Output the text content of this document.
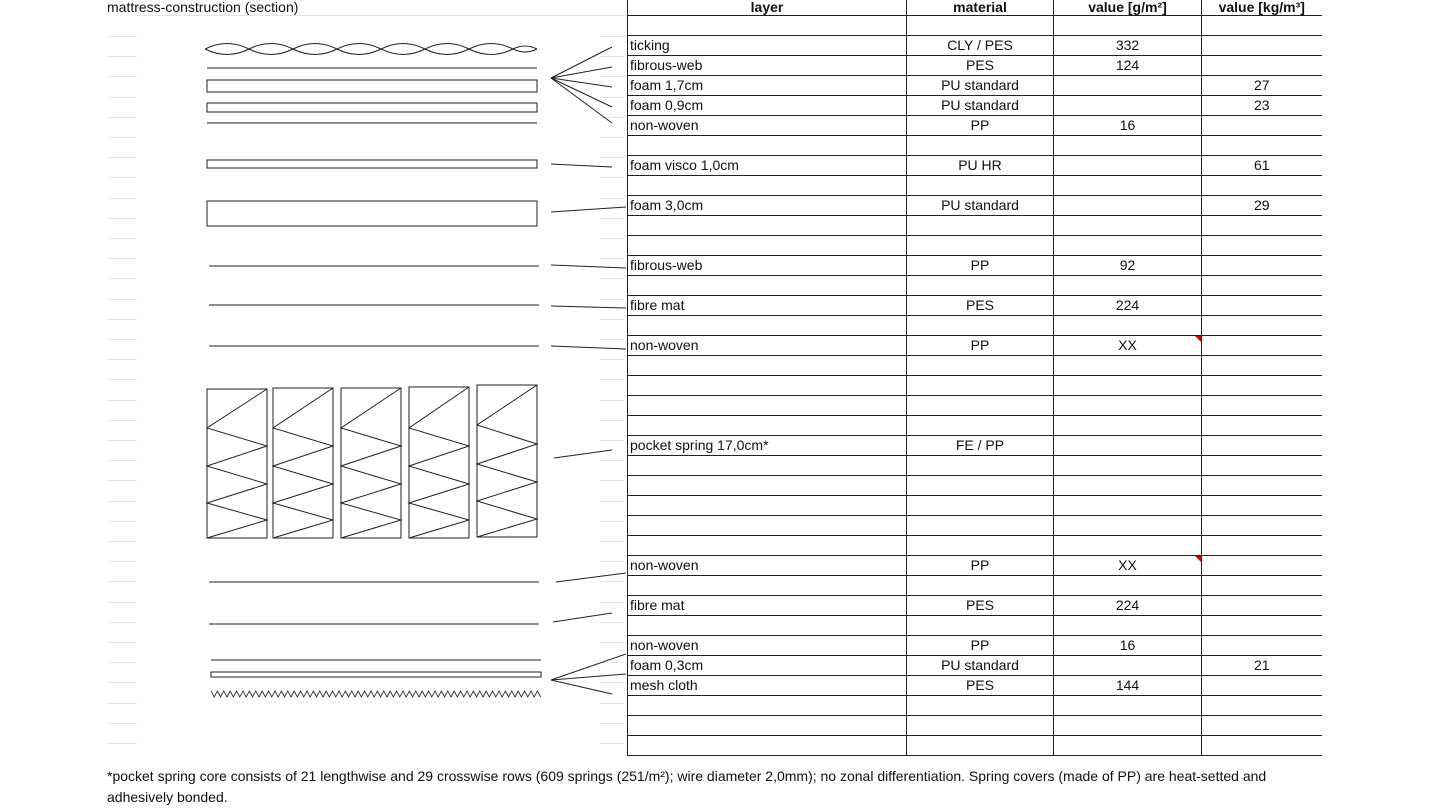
mattress-construction (section)	layer	material	value [g/m²]	value [kg/m³]

ticking	CLY / PES	332	
fibrous-web	PES	124	
foam 1,7cm	PU standard		27
foam 0,9cm	PU standard		23
non-woven	PP	16	

foam visco 1,0cm	PU HR		61

foam 3,0cm	PU standard		29

fibrous-web	PP	92	

fibre mat	PES	224	

non-woven	PP	XX	

pocket spring 17,0cm*	FE / PP		

non-woven	PP	XX	

fibre mat	PES	224	

non-woven	PP	16	
foam 0,3cm	PU standard		21
mesh cloth	PES	144	

*pocket spring core consists of 21 lengthwise and 29 crosswise rows (609 springs (251/m²); wire diameter 2,0mm); no zonal differentiation. Spring covers (made of PP) are heat-setted and adhesively bonded.
